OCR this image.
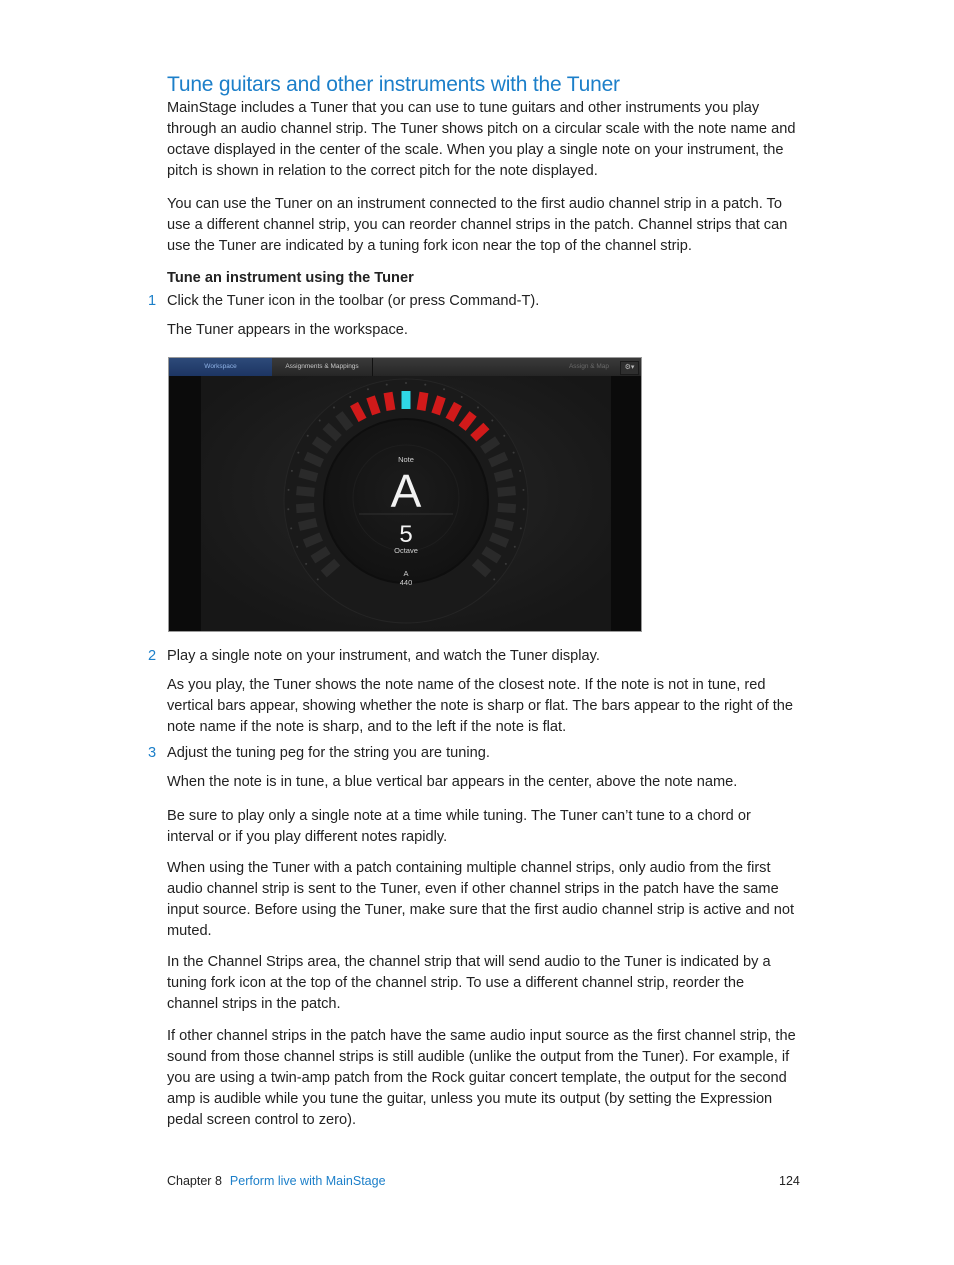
Tune guitars and other instruments with the Tuner

MainStage includes a Tuner that you can use to tune guitars and other instruments you play through an audio channel strip. The Tuner shows pitch on a circular scale with the note name and octave displayed in the center of the scale. When you play a single note on your instrument, the pitch is shown in relation to the correct pitch for the note displayed.

You can use the Tuner on an instrument connected to the first audio channel strip in a patch. To use a different channel strip, you can reorder channel strips in the patch. Channel strips that can use the Tuner are indicated by a tuning fork icon near the top of the channel strip.

Tune an instrument using the Tuner
1 Click the Tuner icon in the toolbar (or press Command-T).
The Tuner appears in the workspace.
Workspace	Assignments & Mappings	Assign & Map	⚙▾
Note
A
5
Octave
A
440
2 Play a single note on your instrument, and watch the Tuner display.

As you play, the Tuner shows the note name of the closest note. If the note is not in tune, red vertical bars appear, showing whether the note is sharp or flat. The bars appear to the right of the note name if the note is sharp, and to the left if the note is flat.

3 Adjust the tuning peg for the string you are tuning.

When the note is in tune, a blue vertical bar appears in the center, above the note name.

Be sure to play only a single note at a time while tuning. The Tuner can’t tune to a chord or interval or if you play different notes rapidly.

When using the Tuner with a patch containing multiple channel strips, only audio from the first audio channel strip is sent to the Tuner, even if other channel strips in the patch have the same input source. Before using the Tuner, make sure that the first audio channel strip is active and not muted.

In the Channel Strips area, the channel strip that will send audio to the Tuner is indicated by a tuning fork icon at the top of the channel strip. To use a different channel strip, reorder the channel strips in the patch.

If other channel strips in the patch have the same audio input source as the first channel strip, the sound from those channel strips is still audible (unlike the output from the Tuner). For example, if you are using a twin-amp patch from the Rock guitar concert template, the output for the second amp is audible while you tune the guitar, unless you mute its output (by setting the Expression pedal screen control to zero).

Chapter 8 Perform live with MainStage	124
